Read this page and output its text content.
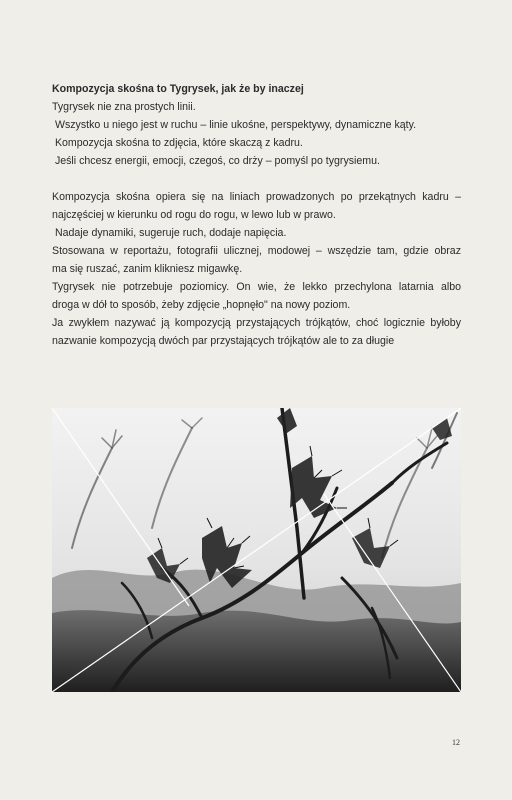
Kompozycja skośna to Tygrysek, jak że by inaczej
Tygrysek nie zna prostych linii.
Wszystko u niego jest w ruchu – linie ukośne, perspektywy, dynamiczne kąty.
Kompozycja skośna to zdjęcia, które skaczą z kadru.
Jeśli chcesz energii, emocji, czegoś, co drży – pomyśl po tygrysiemu.
Kompozycja skośna opiera się na liniach prowadzonych po przekątnych kadru –
najczęściej w kierunku od rogu do rogu, w lewo lub w prawo.
Nadaje dynamiki, sugeruje ruch, dodaje napięcia.
Stosowana w reportażu, fotografii ulicznej, modowej – wszędzie tam, gdzie obraz
ma się ruszać, zanim klikniesz migawkę.
Tygrysek nie potrzebuje poziomicy. On wie, że lekko przechylona latarnia albo
droga w dół to sposób, żeby zdjęcie „hopnęło" na nowy poziom.
Ja zwykłem nazywać ją kompozycją przystających trójkątów, choć logicznie byłoby
nazwanie kompozycją dwóch par przystających trójkątów ale to za długie
12
